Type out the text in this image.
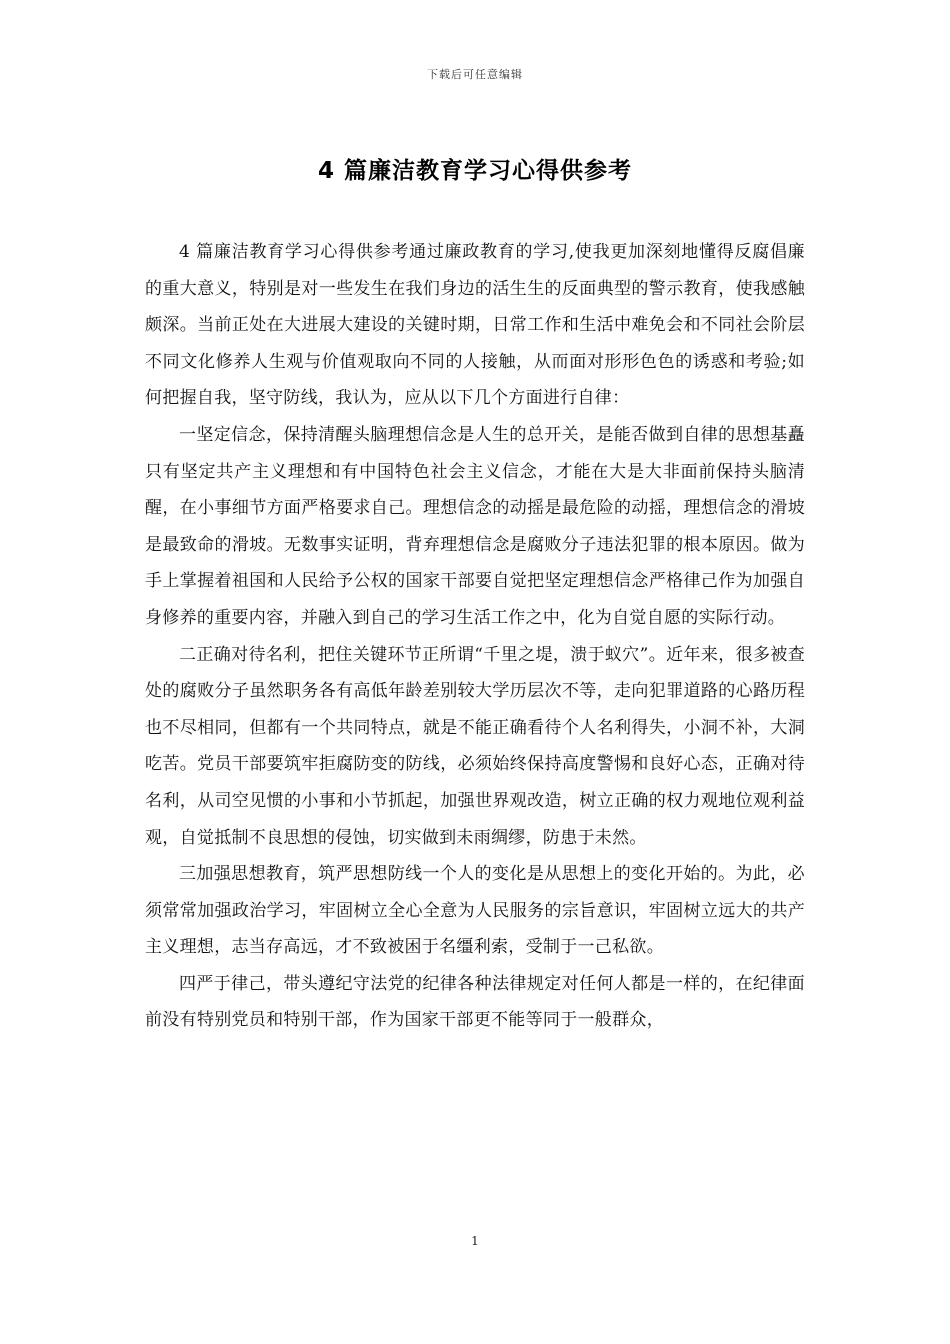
下载后可任意编辑
4 篇廉洁教育学习心得供参考

4 篇廉洁教育学习心得供参考通过廉政教育的学习,使我更加深刻地懂得反腐倡廉的重大意义，特别是对一些发生在我们身边的活生生的反面典型的警示教育，使我感触颇深。当前正处在大进展大建设的关键时期，日常工作和生活中难免会和不同社会阶层不同文化修养人生观与价值观取向不同的人接触，从而面对形形色色的诱惑和考验;如何把握自我，坚守防线，我认为，应从以下几个方面进行自律：

一坚定信念，保持清醒头脑理想信念是人生的总开关，是能否做到自律的思想基矗只有坚定共产主义理想和有中国特色社会主义信念，才能在大是大非面前保持头脑清醒，在小事细节方面严格要求自己。理想信念的动摇是最危险的动摇，理想信念的滑坡是最致命的滑坡。无数事实证明，背弃理想信念是腐败分子违法犯罪的根本原因。做为手上掌握着祖国和人民给予公权的国家干部要自觉把坚定理想信念严格律己作为加强自身修养的重要内容，并融入到自己的学习生活工作之中，化为自觉自愿的实际行动。

二正确对待名利，把住关键环节正所谓“千里之堤，溃于蚁穴”。近年来，很多被查处的腐败分子虽然职务各有高低年龄差别较大学历层次不等，走向犯罪道路的心路历程也不尽相同，但都有一个共同特点，就是不能正确看待个人名利得失，小洞不补，大洞吃苦。党员干部要筑牢拒腐防变的防线，必须始终保持高度警惕和良好心态，正确对待名利，从司空见惯的小事和小节抓起，加强世界观改造，树立正确的权力观地位观利益观，自觉抵制不良思想的侵蚀，切实做到未雨绸缪，防患于未然。

三加强思想教育，筑严思想防线一个人的变化是从思想上的变化开始的。为此，必须常常加强政治学习，牢固树立全心全意为人民服务的宗旨意识，牢固树立远大的共产主义理想，志当存高远，才不致被困于名缰利索，受制于一己私欲。

四严于律己，带头遵纪守法党的纪律各种法律规定对任何人都是一样的，在纪律面前没有特别党员和特别干部，作为国家干部更不能等同于一般群众，

1
